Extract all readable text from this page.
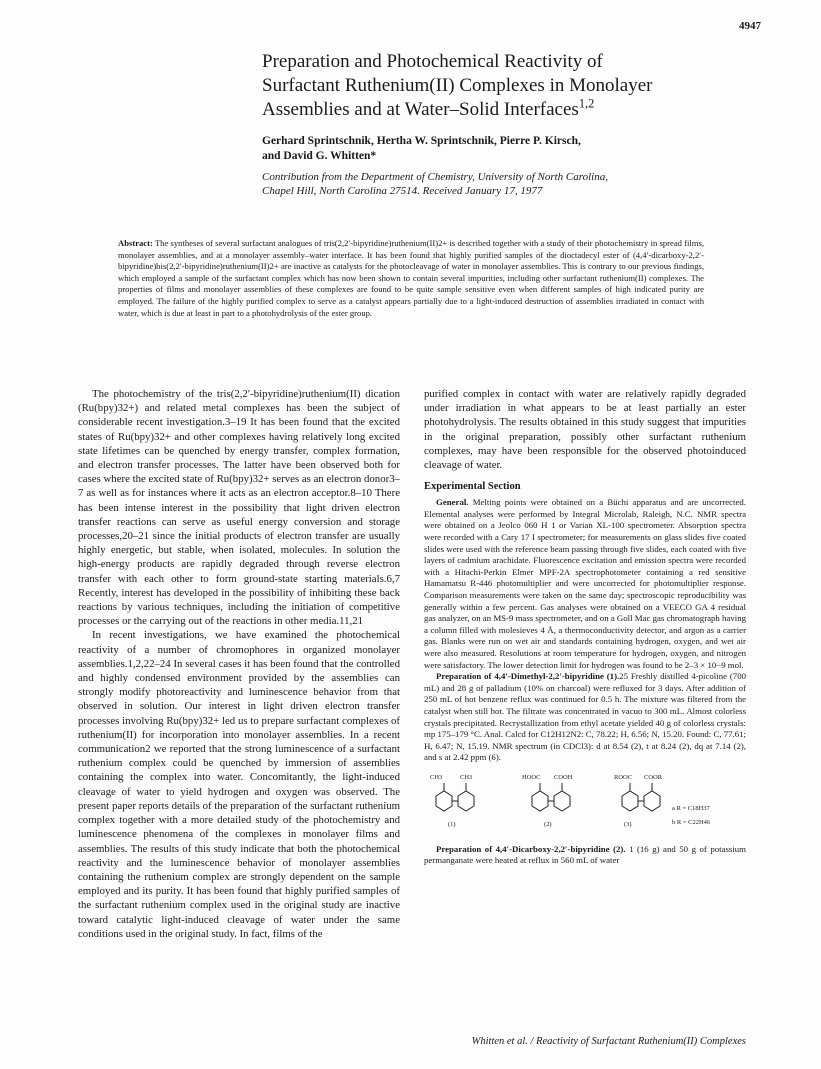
4947
Preparation and Photochemical Reactivity of
Surfactant Ruthenium(II) Complexes in Monolayer
Assemblies and at Water–Solid Interfaces$^{1,2}$
Gerhard Sprintschnik, Hertha W. Sprintschnik, Pierre P. Kirsch,
and David G. Whitten*
Contribution from the Department of Chemistry, University of North Carolina,
Chapel Hill, North Carolina 27514. Received January 17, 1977
Abstract: The syntheses of several surfactant analogues of tris(2,2′-bipyridine)ruthenium(II)2+ is described together with a study of their photochemistry in spread films, monolayer assemblies, and at a monolayer assembly–water interface. It has been found that highly purified samples of the dioctadecyl ester of (4,4′-dicarboxy-2,2′-bipyridine)bis(2,2′-bipyridine)ruthenium(II)2+ are inactive as catalysts for the photocleavage of water in monolayer assemblies. This is contrary to our previous findings, which employed a sample of the surfactant complex which has now been shown to contain several impurities, including other surfactant ruthenium(II) complexes. The properties of films and monolayer assemblies of these complexes are found to be quite sample sensitive even when different samples of high indicated purity are employed. The failure of the highly purified complex to serve as a catalyst appears partially due to a light-induced destruction of assemblies irradiated in contact with water, which is due at least in part to a photohydrolysis of the ester group.

The photochemistry of the tris(2,2′-bipyridine)ruthenium(II) dication (Ru(bpy)32+) and related metal complexes has been the subject of considerable recent investigation.3–19 It has been found that the excited states of Ru(bpy)32+ and other complexes having relatively long excited state lifetimes can be quenched by energy transfer, complex formation, and electron transfer processes. The latter have been observed both for cases where the excited state of Ru(bpy)32+ serves as an electron donor3–7 as well as for instances where it acts as an electron acceptor.8–10 There has been intense interest in the possibility that light driven electron transfer reactions can serve as useful energy conversion and storage processes,20–21 since the initial products of electron transfer are usually highly energetic, but stable, when isolated, molecules. In solution the high-energy products are rapidly degraded through reverse electron transfer with each other to form ground-state starting materials.6,7 Recently, interest has developed in the possibility of inhibiting these back reactions by various techniques, including the initiation of competitive processes or the carrying out of the reactions in other media.11,21

In recent investigations, we have examined the photochemical reactivity of a number of chromophores in organized monolayer assemblies.1,2,22–24 In several cases it has been found that the controlled and highly condensed environment provided by the assemblies can strongly modify photoreactivity and luminescence behavior from that observed in solution. Our interest in light driven electron transfer processes involving Ru(bpy)32+ led us to prepare surfactant complexes of ruthenium(II) for incorporation into monolayer assemblies. In a recent communication2 we reported that the strong luminescence of a surfactant ruthenium complex could be quenched by immersion of assemblies containing the complex into water. Concomitantly, the light-induced cleavage of water to yield hydrogen and oxygen was observed. The present paper reports details of the preparation of the surfactant ruthenium complex together with a more detailed study of the photochemistry and luminescence phenomena of the complexes in monolayer films and assemblies. The results of this study indicate that both the photochemical reactivity and the luminescence behavior of monolayer assemblies containing the ruthenium complex are strongly dependent on the sample employed and its purity. It has been found that highly purified samples of the surfactant ruthenium complex used in the original study are inactive toward catalytic light-induced cleavage of water under the same conditions used in the original study. In fact, films of the

purified complex in contact with water are relatively rapidly degraded under irradiation in what appears to be at least partially an ester photohydrolysis. The results obtained in this study suggest that impurities in the original preparation, possibly other surfactant ruthenium complexes, may have been responsible for the observed photoinduced cleavage of water.

Experimental Section

General. Melting points were obtained on a Büchi apparatus and are uncorrected. Elemental analyses were performed by Integral Microlab, Raleigh, N.C. NMR spectra were obtained on a Jeolco 060 H 1 or Varian XL-100 spectrometer. Absorption spectra were recorded with a Cary 17 I spectrometer; for measurements on glass slides five coated slides were used with the reference beam passing through five slides, each coated with five layers of cadmium arachidate. Fluorescence excitation and emission spectra were recorded with a Hitachi-Perkin Elmer MPF-2A spectrophotometer containing a red sensitive Hamamatsu R-446 photomultiplier and were uncorrected for photomultiplier response. Comparison measurements were taken on the same day; spectroscopic reproducibility was generally within a few percent. Gas analyses were obtained on a VEECO GA 4 residual gas analyzer, on an MS-9 mass spectrometer, and on a Goll Mac gas chromatograph having a column filled with molesieves 4 Å, a thermoconductivity detector, and argon as a carrier gas. Blanks were run on wet air and standards containing hydrogen, oxygen, and wet air were also measured. Resolutions at room temperature for hydrogen, oxygen, and nitrogen were satisfactory. The lower detection limit for hydrogen was found to be 2–3 × 10−9 mol.

Preparation of 4,4′-Dimethyl-2,2′-bipyridine (1).25 Freshly distilled 4-picoline (700 mL) and 28 g of palladium (10% on charcoal) were refluxed for 3 days. After addition of 250 mL of hot benzene reflux was continued for 0.5 h. The mixture was filtered from the catalyst when still hot. The filtrate was concentrated in vacuo to 300 mL. Almost colorless crystals precipitated. Recrystallization from ethyl acetate yielded 40 g of colorless crystals: mp 175–179 °C. Anal. Calcd for C12H12N2: C, 78.22; H, 6.56; N, 15.20. Found: C, 77.61; H, 6.47; N, 15.19. NMR spectrum (in CDCl3): d at 8.54 (2), t at 8.24 (2), dq at 7.14 (2), and s at 2.42 ppm (6).

CH3	CH3	HOOC COOH	ROOC COOR
(1)	(2)	(3)
a R = C18H37
b R = C22H46

Preparation of 4,4′-Dicarboxy-2,2′-bipyridine (2). 1 (16 g) and 50 g of potassium permanganate were heated at reflux in 560 mL of water

Whitten et al. / Reactivity of Surfactant Ruthenium(II) Complexes
